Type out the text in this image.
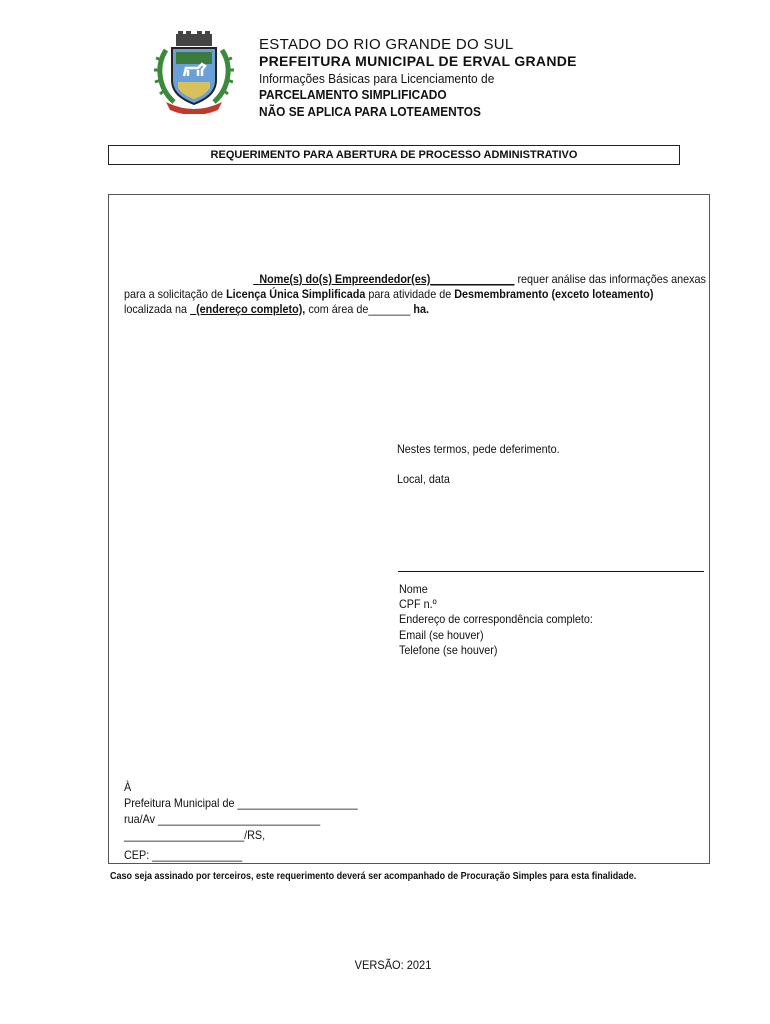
ESTADO DO RIO GRANDE DO SUL
PREFEITURA MUNICIPAL DE ERVAL GRANDE
Informações Básicas para Licenciamento de
PARCELAMENTO SIMPLIFICADO
NÃO SE APLICA PARA LOTEAMENTOS
REQUERIMENTO PARA ABERTURA DE PROCESSO ADMINISTRATIVO
_Nome(s) do(s) Empreendedor(es)______________ requer análise das informações anexas
para a solicitação de Licença Única Simplificada para atividade de Desmembramento (exceto loteamento)
localizada na _(endereço completo), com área de_______ ha.
Nestes termos, pede deferimento.
Local, data
Nome
CPF n.º
Endereço de correspondência completo:
Email (se houver)
Telefone (se houver)
À
Prefeitura Municipal de ____________________
rua/Av ___________________________
____________________/RS,
CEP: _______________
Caso seja assinado por terceiros, este requerimento deverá ser acompanhado de Procuração Simples para esta finalidade.
VERSÃO: 2021
